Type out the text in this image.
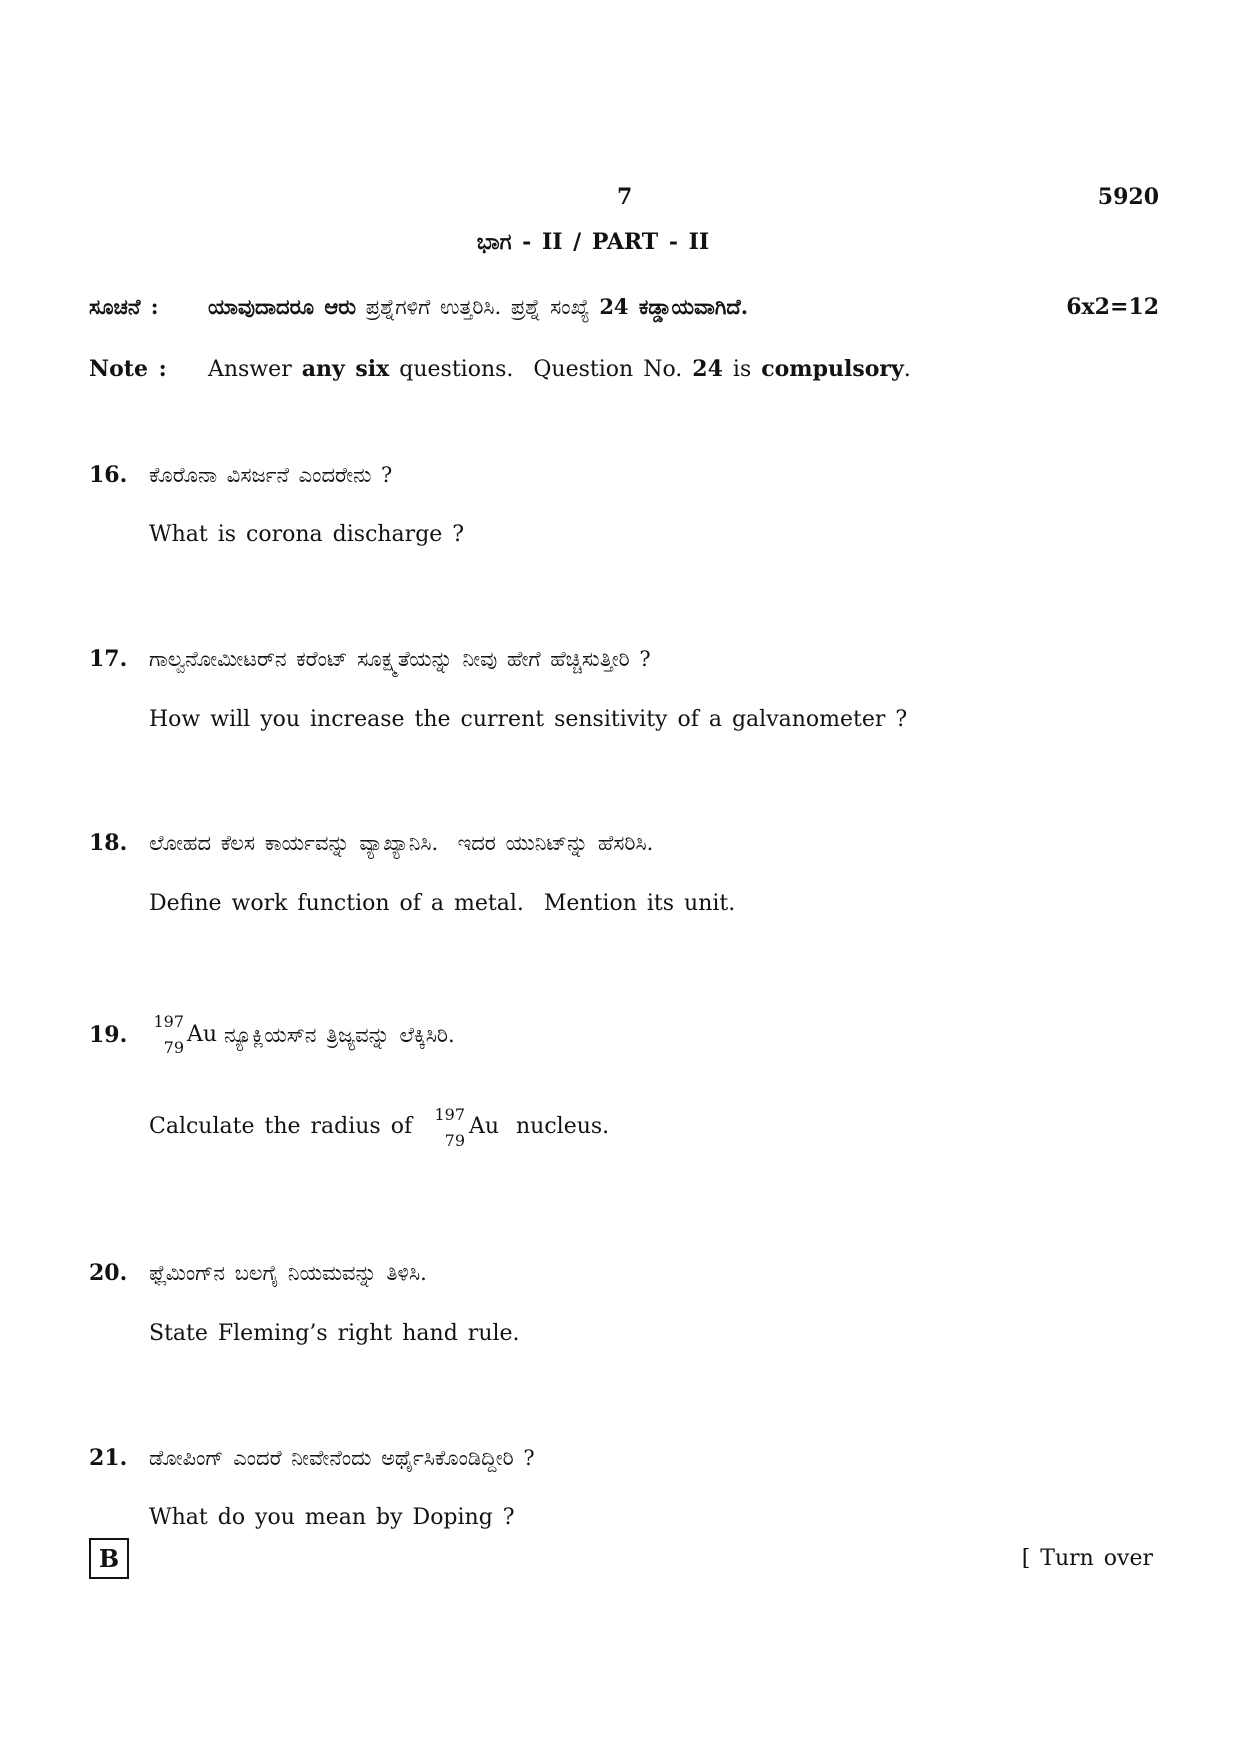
7	5920
ಭಾಗ - II / PART - II
ಸೂಚನೆ : ಯಾವುದಾದರೂ ಆರು ಪ್ರಶ್ನೆಗಳಿಗೆ ಉತ್ತರಿಸಿ. ಪ್ರಶ್ನೆ ಸಂಖ್ಯೆ 24 ಕಡ್ಡಾಯವಾಗಿದೆ.	6x2=12
Note : Answer any six questions.  Question No. 24 is compulsory.
16. ಕೊರೊನಾ ವಿಸರ್ಜನೆ ಎಂದರೇನು ?
What is corona discharge ?
17. ಗಾಲ್ವನೋಮೀಟರ್‌ನ ಕರೆಂಟ್ ಸೂಕ್ಷ್ಮತೆಯನ್ನು ನೀವು ಹೇಗೆ ಹೆಚ್ಚಿಸುತ್ತೀರಿ ?
How will you increase the current sensitivity of a galvanometer ?
18. ಲೋಹದ ಕೆಲಸ ಕಾರ್ಯವನ್ನು ವ್ಯಾಖ್ಯಾನಿಸಿ.  ಇದರ ಯುನಿಟ್‌ನ್ನು ಹೆಸರಿಸಿ.
Define work function of a metal.  Mention its unit.
19.
197
79
Au ನ್ಯೂಕ್ಲಿಯಸ್‌ನ ತ್ರಿಜ್ಯವನ್ನು ಲೆಕ್ಕಿಸಿರಿ.
Calculate the radius of	197
79
Au nucleus.
20. ಫ್ಲೆಮಿಂಗ್‌ನ ಬಲಗೈ ನಿಯಮವನ್ನು ತಿಳಿಸಿ.
State Fleming’s right hand rule.
21. ಡೋಪಿಂಗ್ ಎಂದರೆ ನೀವೇನೆಂದು ಅರ್ಥೈಸಿಕೊಂಡಿದ್ದೀರಿ ?
What do you mean by Doping ?
B	[ Turn over
